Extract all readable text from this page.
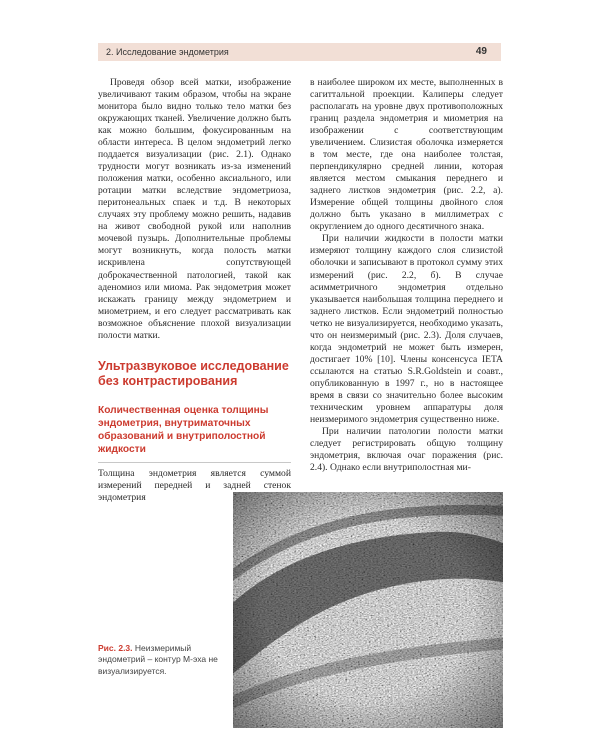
2. Исследование эндометрия	49

Проведя обзор всей матки, изображение увеличивают таким образом, чтобы на экране монитора было видно только тело матки без окружающих тканей. Увеличение должно быть как можно большим, фокусированным на области интереса. В целом эндометрий легко поддается визуализации (рис. 2.1). Однако трудности могут возникать из-за изменений положения матки, особенно аксиального, или ротации матки вследствие эндометриоза, перитонеальных спаек и т.д. В некоторых случаях эту проблему можно решить, надавив на живот свободной рукой или наполнив мочевой пузырь. Дополнительные проблемы могут возникнуть, когда полость матки искривлена сопутствующей доброкачественной патологией, такой как аденомиоз или миома. Рак эндометрия может искажать границу между эндометрием и миометрием, и его следует рассматривать как возможное объяснение плохой визуализации полости матки.

Ультразвуковое исследование без контрастирования
Количественная оценка толщины эндометрия, внутриматочных образований и внутриполостной жидкости

Толщина эндометрия является суммой измерений передней и задней стенок эндометрия

в наиболее широком их месте, выполненных в сагиттальной проекции. Калиперы следует располагать на уровне двух противоположных границ раздела эндометрия и миометрия на изображении с соответствующим увеличением. Слизистая оболочка измеряется в том месте, где она наиболее толстая, перпендикулярно средней линии, которая является местом смыкания переднего и заднего листков эндометрия (рис. 2.2, а). Измерение общей толщины двойного слоя должно быть указано в миллиметрах с округлением до одного десятичного знака.

При наличии жидкости в полости матки измеряют толщину каждого слоя слизистой оболочки и записывают в протокол сумму этих измерений (рис. 2.2, б). В случае асимметричного эндометрия отдельно указывается наибольшая толщина переднего и заднего листков. Если эндометрий полностью четко не визуализируется, необходимо указать, что он неизмеримый (рис. 2.3). Доля случаев, когда эндометрий не может быть измерен, достигает 10% [10]. Члены консенсуса IETA ссылаются на статью S.R.Goldstein и соавт., опубликованную в 1997 г., но в настоящее время в связи со значительно более высоким техническим уровнем аппаратуры доля неизмеримого эндометрия существенно ниже.

При наличии патологии полости матки следует регистрировать общую толщину эндометрия, включая очаг поражения (рис. 2.4). Однако если внутриполостная ми-

Рис. 2.3. Неизмеримый эндометрий – контур М-эха не визуализируется.
